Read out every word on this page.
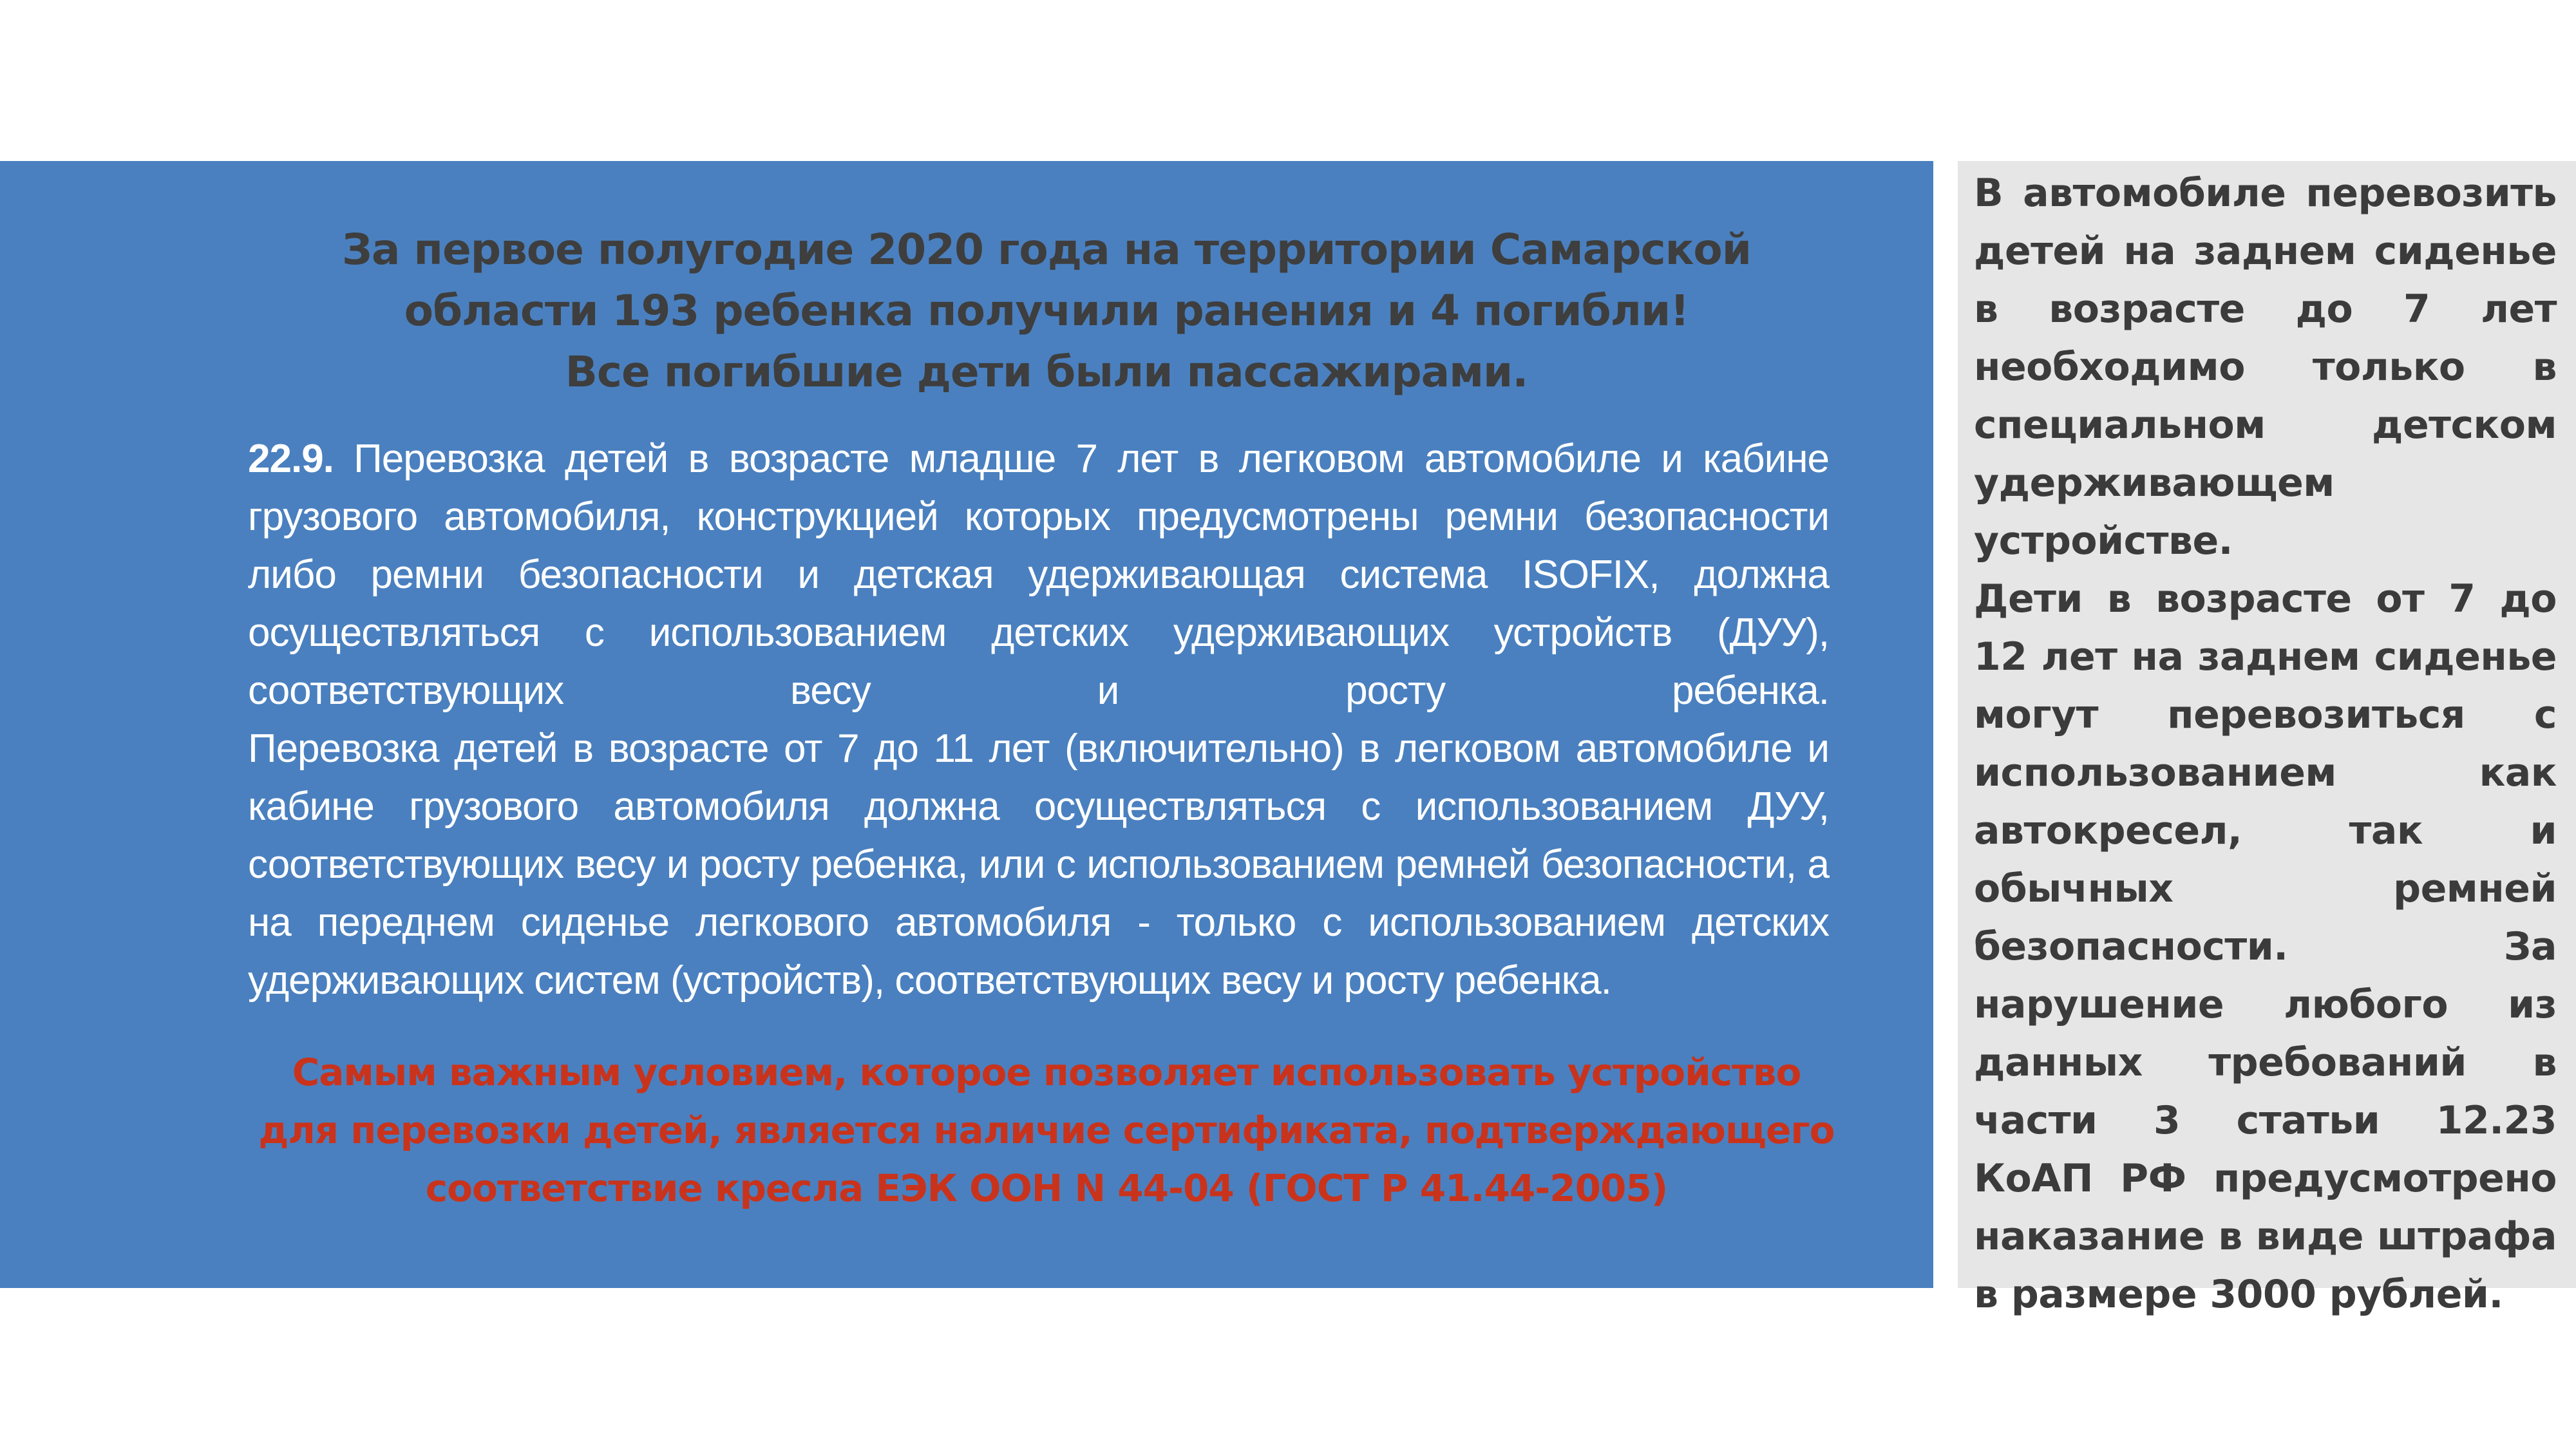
За первое полугодие 2020 года на территории Самарской
области 193 ребенка получили ранения и 4 погибли!
Все погибшие дети были пассажирами.

22.9. Перевозка детей в возрасте младше 7 лет в легковом автомобиле и кабине грузового автомобиля, конструкцией которых предусмотрены ремни безопасности либо ремни безопасности и детская удерживающая система ISOFIX, должна осуществляться с использованием детских удерживающих устройств (ДУУ), соответствующих весу и росту ребенка.

Перевозка детей в возрасте от 7 до 11 лет (включительно) в легковом автомобиле и кабине грузового автомобиля должна осуществляться с использованием ДУУ, соответствующих весу и росту ребенка, или с использованием ремней безопасности, а на переднем сиденье легкового автомобиля - только с использованием детских удерживающих систем (устройств), соответствующих весу и росту ребенка.

Самым важным условием, которое позволяет использовать устройство
для перевозки детей, является наличие сертификата, подтверждающего
соответствие кресла ЕЭК ООН N 44-04 (ГОСТ Р 41.44-2005)

В автомобиле перевозить детей на заднем сиденье в возрасте до 7 лет необходимо только в специальном детском удерживающем устройстве.

Дети в возрасте от 7 до 12 лет на заднем сиденье могут перевозиться с использованием как автокресел, так и обычных ремней безопасности. За нарушение любого из данных требований в части 3 статьи 12.23 КоАП РФ предусмотрено наказание в виде штрафа в размере 3000 рублей.
